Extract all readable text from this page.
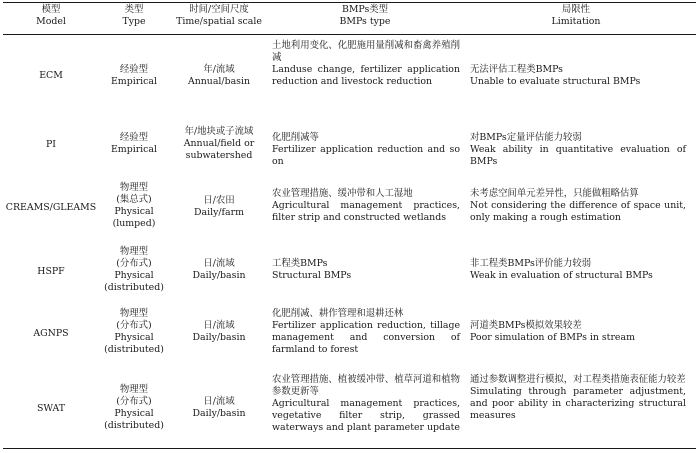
模型
Model
类型
Type
时间/空间尺度
Time/spatial scale
BMPs类型
BMPs type
局限性
Limitation
ECM
经验型
Empirical
年/流域
Annual/basin
土地利用变化、化肥施用量削减和畜禽养殖削减
Landuse change, fertilizer application reduction and livestock reduction
无法评估工程类BMPs
Unable to evaluate structural BMPs
PI
经验型
Empirical
年/地块或子流域
Annual/field or
subwatershed
化肥削减等
Fertilizer application reduction and so on
对BMPs定量评估能力较弱
Weak ability in quantitative evaluation of BMPs
CREAMS/GLEAMS
物理型
(集总式)
Physical
(lumped)
日/农田
Daily/farm
农业管理措施、缓冲带和人工湿地
Agricultural management practices, filter strip and constructed wetlands
未考虑空间单元差异性，只能做粗略估算
Not considering the difference of space unit, only making a rough estimation
HSPF
物理型
(分布式)
Physical
(distributed)
日/流域
Daily/basin
工程类BMPs
Structural BMPs
非工程类BMPs评价能力较弱
Weak in evaluation of structural BMPs
AGNPS
物理型
(分布式)
Physical
(distributed)
日/流域
Daily/basin
化肥削减、耕作管理和退耕还林
Fertilizer application reduction, tillage management and conversion of farmland to forest
河道类BMPs模拟效果较差
Poor simulation of BMPs in stream
SWAT
物理型
(分布式)
Physical
(distributed)
日/流域
Daily/basin
农业管理措施、植被缓冲带、植草河道和植物参数更新等
Agricultural management practices, vegetative filter strip, grassed waterways and plant parameter update
通过参数调整进行模拟，对工程类措施表征能力较差
Simulating through parameter adjustment, and poor ability in characterizing structural measures
